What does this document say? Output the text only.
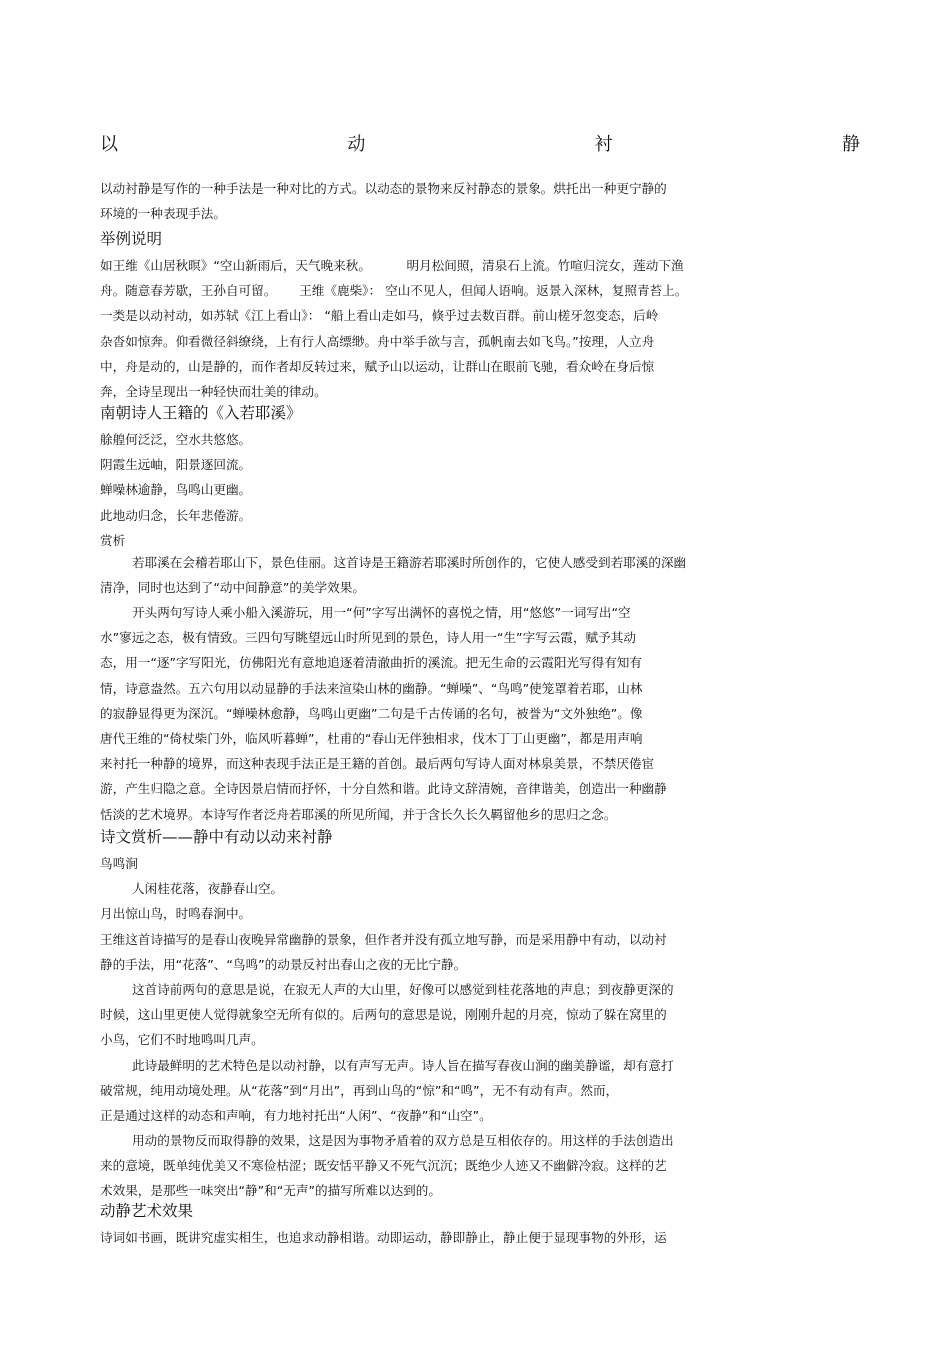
以	动	衬	静
以动衬静是写作的一种手法是一种对比的方式。以动态的景物来反衬静态的景象。烘托出一种更宁静的
环境的一种表现手法。
举例说明
如王维《山居秋暝》“空山新雨后，天气晚来秋。　　　 明月松间照，清泉石上流。竹喧归浣女，莲动下渔
舟。随意春芳歇，王孙自可留。　　 王维《鹿柴》： 空山不见人，但闻人语响。返景入深林，复照青苔上。
一类是以动衬动，如苏轼《江上看山》： “船上看山走如马，倏乎过去数百群。前山槎牙忽变态，后岭
杂沓如惊奔。仰看微径斜缭绕，上有行人高缥缈。舟中举手欲与言，孤帆南去如飞鸟。”按理，人立舟
中，舟是动的，山是静的，而作者却反转过来，赋予山以运动，让群山在眼前飞驰，看众岭在身后惊
奔，全诗呈现出一种轻快而壮美的律动。
南朝诗人王籍的《入若耶溪》
艅艎何泛泛，空水共悠悠。
阴霞生远岫，阳景逐回流。
蝉噪林逾静，鸟鸣山更幽。
此地动归念，长年悲倦游。
赏析
若耶溪在会稽若耶山下，景色佳丽。这首诗是王籍游若耶溪时所创作的，它使人感受到若耶溪的深幽
清净，同时也达到了“动中间静意”的美学效果。
开头两句写诗人乘小船入溪游玩，用一“何”字写出满怀的喜悦之情，用“悠悠”一词写出“空
水”寥远之态，极有情致。三四句写眺望远山时所见到的景色，诗人用一“生”字写云霞，赋予其动
态，用一“逐”字写阳光，仿佛阳光有意地追逐着清澈曲折的溪流。把无生命的云霞阳光写得有知有
情，诗意盎然。五六句用以动显静的手法来渲染山林的幽静。“蝉噪”、“鸟鸣”使笼罩着若耶，山林
的寂静显得更为深沉。“蝉噪林愈静，鸟鸣山更幽”二句是千古传诵的名句，被誉为“文外独绝”。像
唐代王维的“倚杖柴门外，临风听暮蝉”，杜甫的“春山无伴独相求，伐木丁丁山更幽”，都是用声响
来衬托一种静的境界，而这种表现手法正是王籍的首创。最后两句写诗人面对林泉美景，不禁厌倦宦
游，产生归隐之意。全诗因景启情而抒怀，十分自然和谐。此诗文辞清婉，音律谐美，创造出一种幽静
恬淡的艺术境界。本诗写作者泛舟若耶溪的所见所闻，并于含长久长久羁留他乡的思归之念。
诗文赏析——静中有动以动来衬静
鸟鸣涧
人闲桂花落，夜静春山空。
月出惊山鸟，时鸣春涧中。
王维这首诗描写的是春山夜晚异常幽静的景象，但作者并没有孤立地写静，而是采用静中有动，以动衬
静的手法，用“花落”、“鸟鸣”的动景反衬出春山之夜的无比宁静。
这首诗前两句的意思是说，在寂无人声的大山里，好像可以感觉到桂花落地的声息；到夜静更深的
时候，这山里更使人觉得就象空无所有似的。后两句的意思是说，刚刚升起的月亮，惊动了躲在窝里的
小鸟，它们不时地鸣叫几声。
此诗最鲜明的艺术特色是以动衬静，以有声写无声。诗人旨在描写春夜山涧的幽美静谧，却有意打
破常规，纯用动境处理。从“花落”到“月出”，再到山鸟的“惊”和“鸣”，无不有动有声。然而，
正是通过这样的动态和声响，有力地衬托出“人闲”、“夜静”和“山空”。
用动的景物反而取得静的效果，这是因为事物矛盾着的双方总是互相依存的。用这样的手法创造出
来的意境，既单纯优美又不寒俭枯涩；既安恬平静又不死气沉沉；既绝少人迹又不幽僻冷寂。这样的艺
术效果，是那些一味突出“静”和“无声”的描写所难以达到的。
动静艺术效果
诗词如书画，既讲究虚实相生，也追求动静相谐。动即运动，静即静止，静止便于显现事物的外形，运
